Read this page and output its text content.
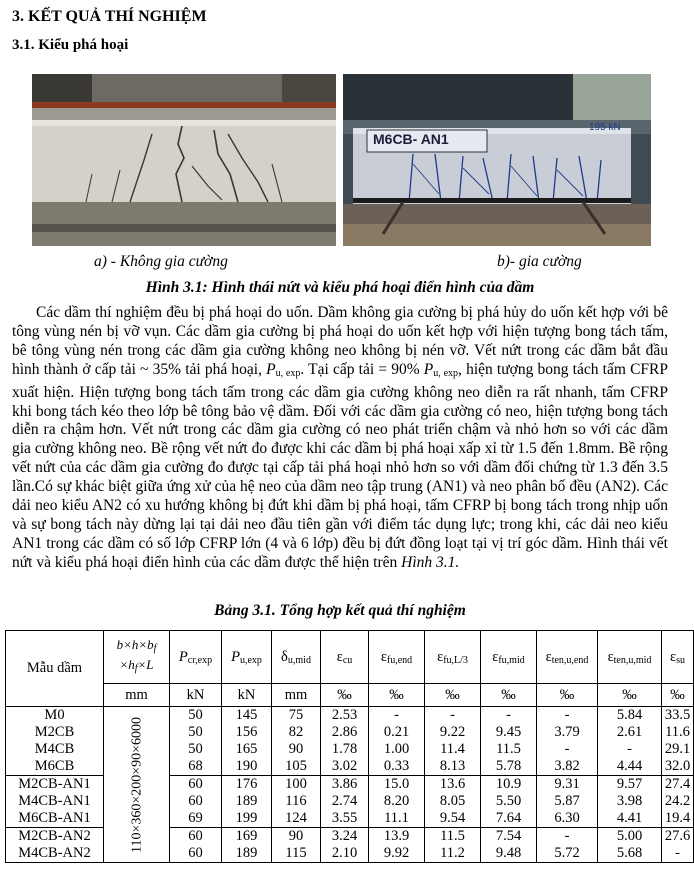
3. KẾT QUẢ THÍ NGHIỆM
3.1. Kiểu phá hoại
M6CB- AN1
195 kN
a) - Không gia cường	b)- gia cường
Hình 3.1: Hình thái nứt và kiểu phá hoại điển hình của dầm

Các dầm thí nghiệm đều bị phá hoại do uốn. Dầm không gia cường bị phá hủy do uốn kết hợp với bê tông vùng nén bị vỡ vụn. Các dầm gia cường bị phá hoại do uốn kết hợp với hiện tượng bong tách tấm, bê tông vùng nén trong các dầm gia cường không neo không bị nén vỡ. Vết nứt trong các dầm bắt đầu hình thành ở cấp tải ~ 35% tải phá hoại, $P_{u, exp}$. Tại cấp tải = 90% $P_{u, exp}$, hiện tượng bong tách tấm CFRP xuất hiện. Hiện tượng bong tách tấm trong các dầm gia cường không neo diễn ra rất nhanh, tấm CFRP khi bong tách kéo theo lớp bê tông bảo vệ dầm. Đối với các dầm gia cường có neo, hiện tượng bong tách diễn ra chậm hơn. Vết nứt trong các dầm gia cường có neo phát triển chậm và nhỏ hơn so với các dầm gia cường không neo. Bề rộng vết nứt đo được khi các dầm bị phá hoại xấp xỉ từ 1.5 đến 1.8mm. Bề rộng vết nứt của các dầm gia cường đo được tại cấp tải phá hoại nhỏ hơn so với dầm đối chứng từ 1.3 đến 3.5 lần.Có sự khác biệt giữa ứng xử của hệ neo của dầm neo tập trung (AN1) và neo phân bố đều (AN2). Các dải neo kiểu AN2 có xu hướng không bị đứt khi dầm bị phá hoại, tấm CFRP bị bong tách trong nhịp uốn và sự bong tách này dừng lại tại dải neo đầu tiên gần với điểm tác dụng lực; trong khi, các dải neo kiểu AN1 trong các dầm có số lớp CFRP lớn (4 và 6 lớp) đều bị đứt đồng loạt tại vị trí góc dầm. Hình thái vết nứt và kiểu phá hoại điển hình của các dầm được thể hiện trên Hình 3.1.

Bảng 3.1. Tổng hợp kết quả thí nghiệm
Mẫu dầm	$b\times h\times b_f$
$\times h_f\times L$	$P_{cr,exp}$	$P_{u,exp}$	$\delta_{u,mid}$	$\varepsilon_{cu}$	$\varepsilon_{fu,end}$	$\varepsilon_{fu,L/3}$	$\varepsilon_{fu,mid}$	$\varepsilon_{ten,u,end}$	$\varepsilon_{ten,u,mid}$	$\varepsilon_{su}$
	mm	kN	kN	mm	‰	‰	‰	‰	‰	‰	‰
M0	110×360×200×90×6000	50	145	75	2.53	-	-	-	-	5.84	33.5
M2CB		50	156	82	2.86	0.21	9.22	9.45	3.79	2.61	11.6
M4CB		50	165	90	1.78	1.00	11.4	11.5	-	-	29.1
M6CB		68	190	105	3.02	0.33	8.13	5.78	3.82	4.44	32.0
M2CB-AN1		60	176	100	3.86	15.0	13.6	10.9	9.31	9.57	27.4
M4CB-AN1		60	189	116	2.74	8.20	8.05	5.50	5.87	3.98	24.2
M6CB-AN1		69	199	124	3.55	11.1	9.54	7.64	6.30	4.41	19.4
M2CB-AN2		60	169	90	3.24	13.9	11.5	7.54	-	5.00	27.6
M4CB-AN2		60	189	115	2.10	9.92	11.2	9.48	5.72	5.68	-
